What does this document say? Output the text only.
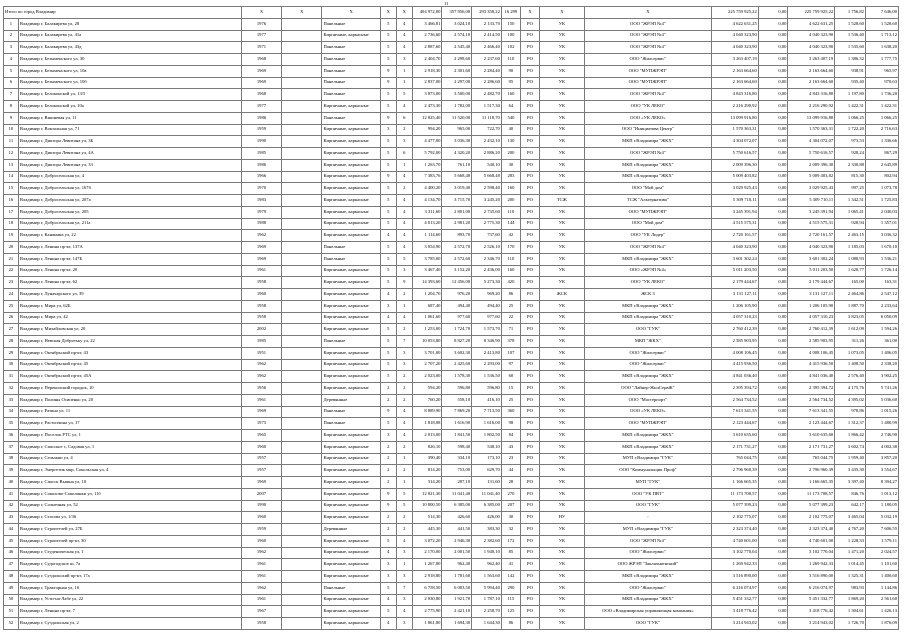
11
Итого по город Владимир		X	X	X	X	X	404 972,00	357 956,00	293 358,22	16 299	X	X	X	225 759 925,22	0,00	225 759 925,22	1 756,82	7 646,00
1	Владимир г, Балакирева ул, 28	1976		Панельные	5	4	3 466,81	3 024,10	2 133,70	150	РО	УК	ООО "ЖРЭП №4"	4 622 631,25	0,00	4 622 631,25	1 528,60	1 528,60
2	Владимир г, Балакирева ул, 41а	1977		Кирпичные, каркасные	5	4	2 736,60	2 574,10	2 414,50	100	РО	УК	ООО "ЖРЭП №4"	4 040 323,90	0,00	4 040 323,90	1 536,40	1 713,12
3	Владимир г, Балакирева ул, 43д	1971		Панельные	5	4	2 887,60	2 545,40	2 466,40	102	РО	УК	ООО "ЖРЭП №4"	4 040 323,90	0,00	4 040 323,90	1 535,60	1 638,20
4	Владимир г, Безыменского ул, 30	1968		Панельные	5	3	2 404,70	2 298,60	2 237,60	110	РО	УК	ООО "Жилсервис"	3 263 407,19	0,00	3 263 407,19	1 386,32	1 777,75
5	Владимир г, Безыменского ул, 10а	1969		Панельные	9	1	2 918,30	2 301,60	2 284,40	90	РО	УК	ООО "МУПЖРЭП"	2 163 664,60	0,00	2 163 664,60	938,91	965,97
6	Владимир г, Безыменского ул, 10б	1969		Панельные	9	1	2 837,00	2 297,00	2 286,60	95	РО	УК	ООО "МУПЖРЭП"	2 163 664,60	0,00	2 163 664,60	935,40	970,63
7	Владимир г, Белоконской ул, 13/5	1968		Панельные	5	5	3 873,00	3 500,00	2 482,70	160	РО	УК	ООО "ЖРЭП №4"	4 843 316,80	0,00	4 843 316,80	1 197,80	1 736,20
8	Владимир г, Белоконской ул, 10а	1977		Кирпичные, каркасные	5	4	2 473,30	1 782,00	1 517,30	64	РО	УК	ООО "УК ЛЕКО"	2 216 290,92	0,00	2 216 290,92	1 422,31	1 422,31
9	Владимир г, Вишневая ул, 11	1986		Панельные	9	6	12 825,40	11 520,00	11 118,70	540	РО	УК	ООО «УК ЛЕКО»	13 099 916,80	0,00	13 099 916,80	1 066,25	1 066,25
10	Владимир г, Вокзальная ул, 71	1959		Кирпичные, каркасные	3	2	994,20	965,00	722,70	40	РО	УК	ООО "Инициатива Центр"	1 570 363,31	0,00	1 570 363,31	1 722,20	2 716,63
11	Владимир г, Диктора Левитана ул, 3Б	1990		Кирпичные, каркасные	5	3	4 477,00	3 036,30	2 432,10	130	РО	УК	МКП г.Владимира "ЖКХ"	4 304 072,07	0,00	4 304 072,07	973,53	1 336,66
12	Владимир г, Диктора Левитана ул, 4А	1985		Кирпичные, каркасные	5	6	5 792,00	4 320,20	2 886,20	200	РО	УК	ООО "ЖРЭП №4"	5 750 616,57	0,00	5 750 616,57	928,24	867,29
13	Владимир г, Диктора Левитана ул, 33	1986		Кирпичные, каркасные	5	1	1 263,70	761,10	540,10	30	РО	УК	МКП г.Владимира "ЖКХ"	2 009 396,30	0,00	2 009 396,30	2 330,88	2 645,89
14	Владимир г, Добросельская ул, 4	1966		Кирпичные, каркасные	9	4	7 383,76	5 668,48	5 668,48	283	РО	УК	МКП г.Владимира "ЖКХ"	5 009 403,82	0,00	5 009 403,82	815,30	802,94
15	Владимир г, Добросельская ул, 167б	1970		Кирпичные, каркасные	5	2	4 400,20	3 019,40	2 598,40	160	РО	УК	ООО "Мой дом"	3 029 925,43	0,00	3 029 925,43	997,25	1 073,78
16	Владимир г, Добросельская ул, 207а	1983		Кирпичные, каркасные	5	4	4 134,70	3 715,70	3 245,20	200	РО	ТСЖ	ТСЖ "Альтернатива"	5 309 710,11	0,00	5 309 710,11	1 342,51	1 725,83
17	Владимир г, Добросельская ул, 205	1979		Кирпичные, каркасные	5	4	3 311,60	2 801,00	2 735,60	110	РО	УК	ООО "МУПЖРЭП"	3 245 391,94	0,00	3 245 391,94	1 065,41	2 040,03
18	Владимир г, Добросельская ул, 211а	1988		Кирпичные, каркасные	5	4	4 013,20	2 981,20	2 775,30	144	РО	УК	ООО "Мой дом"	4 515 575,31	0,00	4 515 575,31	928,94	1 357,01
19	Владимир г, Кананина ул, 22	1962		Кирпичные, каркасные	4	4	1 114,60	893,70	737,60	42	РО	УК	ООО "УК Лидер"	2 720 161,57	0,00	2 720 161,57	2 463,15	3 036,32
20	Владимир г, Ленина пр-кт, 137А	1969		Панельные	5	4	3 054,90	2 572,70	2 526,10	170	РО	УК	ООО "ЖРЭП №4"	4 040 323,90	0,00	4 040 323,90	1 185,03	1 670,10
21	Владимир г, Ленина пр-кт, 147Б	1969		Панельные	5	5	3 785,00	2 572,60	2 346,70	110	РО	УК	МКП г.Владимира "ЖКХ"	3 601 302,24	0,00	3 601 302,24	1 080,93	1 536,21
22	Владимир г, Ленина пр-кт, 20	1961		Кирпичные, каркасные	5	3	3 467,40	3 152,20	2 436,00	160	РО	УК	ООО «ЖРЭП №4»	5 011 203,50	0,00	5 011 203,50	1 620,77	1 726,14
23	Владимир г, Ленина пр-кт, 62	1958		Кирпичные, каркасные	5	9	14 393,60	12 456,00	5 273,30	420	РО	УК	ООО "УК ЛЕКО"	2 179 444,67	0,00	2 179 444,67	165,00	163,31
24	Владимир г, Луначарского ул, 39	1960		Кирпичные, каркасные	4	2	1 204,70	976,20	969,20	86	РО	ЖСК	ЖСК 3	3 131 127,11	0,00	3 131 127,11	2 464,86	2 547,12
25	Владимир г, Мира ул, 62Б	1958		Кирпичные, каркасные	3	1	687,40	494,40	494,40	25	РО	УК	МКП г.Владимира "ЖКХ"	1 206 105,90	0,00	1 206 105,90	1 887,70	2 233,64
26	Владимир г, Мира ул, 42	1958		Кирпичные, каркасные	4	4	1 061,60	977,60	977,60	22	РО	УК	МКП г.Владимира "ЖКХ"	4 057 310,23	0,00	4 057 310,23	3 823,05	6 050,09
27	Владимир г, Михайловская ул, 20	2002		Кирпичные, каркасные	5	2	1 253,00	1 724,70	1 573,70	71	РО	УК	ООО "ГУК"	2 760 412,39	0,00	2 760 412,39	1 612,09	1 594,26
28	Владимир г, Невская Добротьку ул, 22	1985		Панельные	5	7	10 053,80	8 827,20	8 346,90	378	РО	УК	МКП "ЖКХ"	2 585 903,95	0,00	2 585 903,95	311,26	361,00
29	Владимир г, Октябрьский пр-кт, 43	1951		Кирпичные, каркасные	5	3	3 701,00	3 602,30	2 413,80	107	РО	УК	ООО "Жилсервис"	4 008 106,45	0,00	4 008 106,45	1 073,05	1 406,05
30	Владимир г, Октябрьский пр-кт, 45	1962		Кирпичные, каркасные	5	3	2 707,20	2 425,60	2 293,00	97	РО	УК	ООО "Жилсервис"	4 415 936,50	0,00	4 415 936,50	1 408,50	2 338,20
31	Владимир г, Октябрьский пр-кт, 45А	1962		Кирпичные, каркасные	5	2	2 023,00	1 578,30	1 536,50	60	РО	УК	МКП г.Владимира "ЖКХ"	4 841 036,40	0,00	4 841 036,40	2 576,40	3 902,25
32	Владимир г, Перекопский городок, 10	1956		Кирпичные, каркасные	2	2	594,20	596,80	596,80	15	РО	УК	ООО "Лайнер-ЖилСервЖ"	2 395 394,72	0,00	2 395 394,72	4 175,76	5 741,26
33	Владимир г, Полины Осипенко ул, 20	1961		Деревянные	2	2	760,20	558,10	416,10	25	РО	УК	ООО "Мастерпорт"	2 564 734,52	0,00	2 564 734,52	4 395,02	5 036,60
34	Владимир г, Разина ул, 11	1969		Панельные	9	4	8 889,90	7 869,20	7 713,50	360	РО	УК	ООО «УК ЛЕКО»	7 613 341,55	0,00	7 613 341,55	978,86	1 015,26
35	Владимир г, Растопчина ул, 17	1973		Панельные	5	4	1 818,08	1 616,90	1 616,00	98	РО	УК	ООО "МУПЖРЭП"	2 123 444,67	0,00	2 123 444,67	1 312,37	1 480,99
36	Владимир г, Поселок РТС ул, 1	1965		Кирпичные, каркасные	3	4	2 013,00	1 841,50	1 802,50	84	РО	УК	МКП г.Владимира "ЖКХ"	3 610 635,60	0,00	3 610 635,60	1 866,42	2 746,90
37	Владимир г, Спасское с, Садовая ул, 1	1960		Кирпичные, каркасные	2	2	826,10	598,40	548,10	43	РО	УК	МКП г.Владимира "ЖКХ"	2 171 731,27	0,00	2 171 731,27	3 602,74	4 002,38
38	Владимир г, Сельмаш ул, 4	1957		Кирпичные, каркасные	2	1	390,40	334,10	173,10	23	РО	УК	МУП г.Владимира "ГУК"	765 044,75	0,00	765 044,75	1 959,40	3 857,20
39	Владимир г, Энергетик мкр, Сокольская ул, 4	1957		Кирпичные, каркасные	2	2	814,20	753,00	629,70	44	РО	УК	ООО "Коммунальщик Проф"	2 796 960,39	0,00	2 796 960,39	3 435,30	3 554,67
40	Владимир г, Спасск Вышна ул, 10	1969		Кирпичные, каркасные	2	1	314,20	287,10	131,60	28	РО	УК	МУП "ГУК"	1 166 665,35	0,00	1 166 665,35	3 397,40	8 394,27
41	Владимир г, Соколово-Соколинки ул, 11б	2007		Кирпичные, каркасные	9	5	12 821,30	11 041,40	11 041,40	270	РО	УК	ООО "УК ПВТ"	11 173 708,57	0,00	11 173 708,57	846,76	1 013,12
42	Владимир г, Солнечная ул, 52	1990		Кирпичные, каркасные	9	5	10 800,50	6 385,00	6 385,00	207	РО	УК	ООО "ГУК"	5 077 399,23	0,00	5 077 399,23	642,17	1 180,05
43	Владимир г, Стасова ул, 1/36	1960		Кирпичные, каркасные	2	2	514,30	426,60	426,00	30	РО	НУ	-	2 102 775,07	0,00	2 102 775,07	3 465,04	5 032,19
44	Владимир г, Строителей ул, 27Б	1959		Деревянные	2	2	445,30	441,50	383,30	32	РО	УК	МУП г.Владимира "ГУК"	2 323 374,40	0,00	2 323 374,40	4 767,20	7 606,55
45	Владимир г, Строителей пр-кт, 30	1960		Кирпичные, каркасные	5	4	3 072,20	2 946,30	2 382,60	172	РО	УК	ООО "ЖРЭП №4"	4 740 601,00	0,00	4 740 601,00	1 228,33	1 579,11
46	Владимир г, Студеническая ул, 1	1962		Кирпичные, каркасные	4	3	2 170,00	2 001,50	1 940,10	85	РО	УК	ООО "Жилсервис"	3 102 770,04	0,00	3 102 770,04	1 471,20	2 024,57
47	Владимир г, Судогодское ш, 7а	1961		Кирпичные, каркасные	3	1	1 267,80	962,40	962,40	41	РО	УК	ООО ЖРЭП "Заклязьменский"	1 269 942,33	0,00	1 269 942,33	1 014,45	1 101,60
48	Владимир г, Суздальский пр-кт, 17а	1961		Кирпичные, каркасные	3	3	2 918,80	1 781,60	1 563,60	142	РО	УК	МКП г.Владимира "ЖКХ"	3 516 890,00	0,00	3 516 890,00	1 325,31	1 400,60
49	Владимир г, Тракторная ул, 16	1962		Панельные	5	7	6 758,50	6 003,50	5 994,40	290	РО	УК	ООО "Жилсервис"	6 216 074,97	0,00	6 216 074,97	983,93	1 144,86
50	Владимир г, Усти-на-Лабе ул, 22	1961		Кирпичные, каркасные	4	3	2 030,80	1 921,70	1 787,10	115	РО	УК	МКП г.Владимира "ЖКХ"	5 451 332,77	0,00	5 451 332,77	1 869,20	2 561,60
51	Владимир г, Ленина пр-кт, 7	1967		Кирпичные, каркасные	5	4	2 775,90	2 421,10	2 258,70	125	РО	УК	ООО «Владимирская управляющая компания»	3 418 776,42	0,00	3 418 776,42	1 304,61	1 426,13
52	Владимир г, Суздальская ул, 2	1958		Кирпичные, каркасные	4	3	1 861,80	1 694,30	1 644,30	86	РО	УК	ООО "ГУК"	3 214 943,02	0,00	3 214 943,02	1 726,70	1 876,09
